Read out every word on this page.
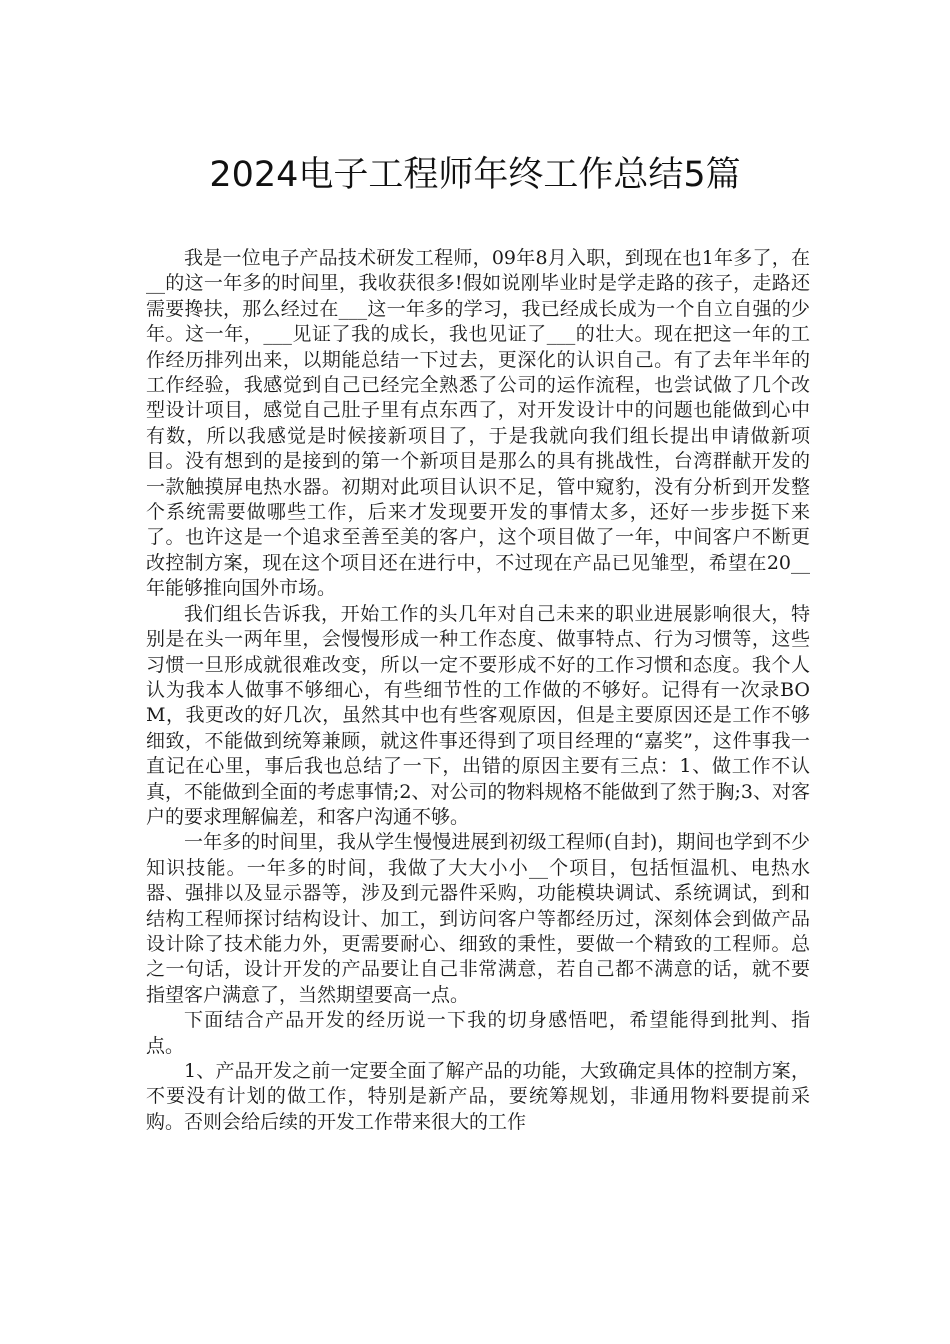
2024电子工程师年终工作总结5篇

我是一位电子产品技术研发工程师，09年8月入职，到现在也1年多了，在__的这一年多的时间里，我收获很多!假如说刚毕业时是学走路的孩子，走路还需要搀扶，那么经过在___这一年多的学习，我已经成长成为一个自立自强的少年。这一年，___见证了我的成长，我也见证了___的壮大。现在把这一年的工作经历排列出来，以期能总结一下过去，更深化的认识自己。有了去年半年的工作经验，我感觉到自己已经完全熟悉了公司的运作流程，也尝试做了几个改型设计项目，感觉自己肚子里有点东西了，对开发设计中的问题也能做到心中有数，所以我感觉是时候接新项目了，于是我就向我们组长提出申请做新项目。没有想到的是接到的第一个新项目是那么的具有挑战性，台湾群献开发的一款触摸屏电热水器。初期对此项目认识不足，管中窥豹，没有分析到开发整个系统需要做哪些工作，后来才发现要开发的事情太多，还好一步步挺下来了。也许这是一个追求至善至美的客户，这个项目做了一年，中间客户不断更改控制方案，现在这个项目还在进行中，不过现在产品已见雏型，希望在20__年能够推向国外市场。

我们组长告诉我，开始工作的头几年对自己未来的职业进展影响很大，特别是在头一两年里，会慢慢形成一种工作态度、做事特点、行为习惯等，这些习惯一旦形成就很难改变，所以一定不要形成不好的工作习惯和态度。我个人认为我本人做事不够细心，有些细节性的工作做的不够好。记得有一次录BOM，我更改的好几次，虽然其中也有些客观原因，但是主要原因还是工作不够细致，不能做到统筹兼顾，就这件事还得到了项目经理的“嘉奖”，这件事我一直记在心里，事后我也总结了一下，出错的原因主要有三点：1、做工作不认真，不能做到全面的考虑事情;2、对公司的物料规格不能做到了然于胸;3、对客户的要求理解偏差，和客户沟通不够。

一年多的时间里，我从学生慢慢进展到初级工程师(自封)，期间也学到不少知识技能。一年多的时间，我做了大大小小__个项目，包括恒温机、电热水器、强排以及显示器等，涉及到元器件采购，功能模块调试、系统调试，到和结构工程师探讨结构设计、加工，到访问客户等都经历过，深刻体会到做产品设计除了技术能力外，更需要耐心、细致的秉性，要做一个精致的工程师。总之一句话，设计开发的产品要让自己非常满意，若自己都不满意的话，就不要指望客户满意了，当然期望要高一点。

下面结合产品开发的经历说一下我的切身感悟吧，希望能得到批判、指点。

1、产品开发之前一定要全面了解产品的功能，大致确定具体的控制方案，不要没有计划的做工作，特别是新产品，要统筹规划，非通用物料要提前采购。否则会给后续的开发工作带来很大的工作
